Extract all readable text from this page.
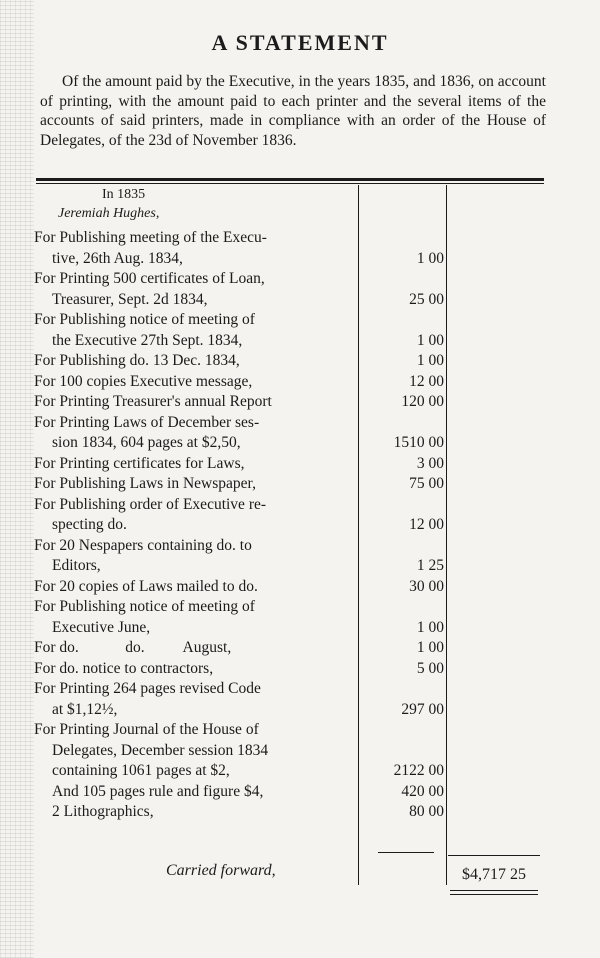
A STATEMENT
Of the amount paid by the Executive, in the years 1835, and 1836, on account of printing, with the amount paid to each printer and the several items of the accounts of said printers, made in compliance with an order of the House of Delegates, of the 23d of November 1836.
In 1835
Jeremiah Hughes,
For Publishing meeting of the Execu-
tive, 26th Aug. 1834,	1 00
For Printing 500 certificates of Loan,
Treasurer, Sept. 2d 1834,	25 00
For Publishing notice of meeting of
the Executive 27th Sept. 1834,	1 00
For Publishing do. 13 Dec. 1834,	1 00
For 100 copies Executive message,	12 00
For Printing Treasurer's annual Report	120 00
For Printing Laws of December ses-
sion 1834, 604 pages at $2,50,	1510 00
For Printing certificates for Laws,	3 00
For Publishing Laws in Newspaper,	75 00
For Publishing order of Executive re-
specting do.	12 00
For 20 Nespapers containing do. to
Editors,	1 25
For 20 copies of Laws mailed to do.	30 00
For Publishing notice of meeting of
Executive June,	1 00
For do.            do.          August,	1 00
For do. notice to contractors,	5 00
For Printing 264 pages revised Code
at $1,12½,	297 00
For Printing Journal of the House of
Delegates, December session 1834
containing 1061 pages at $2,	2122 00
And 105 pages rule and figure $4,	420 00
2 Lithographics,	80 00
Carried forward,	$4,717 25
